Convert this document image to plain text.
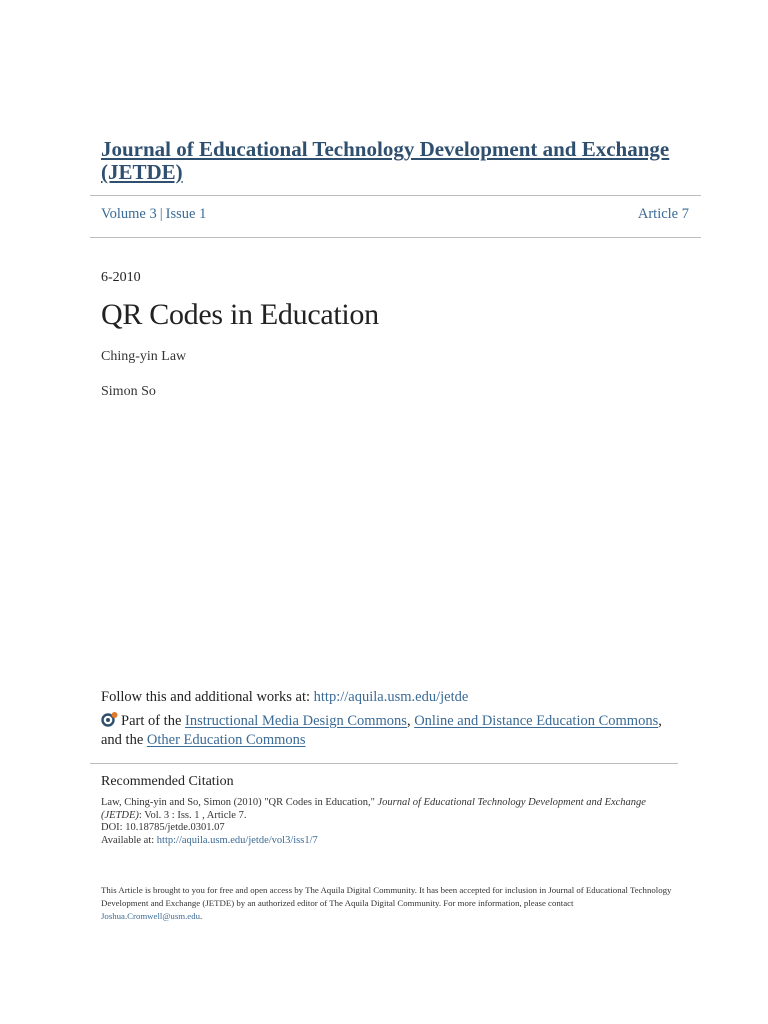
Journal of Educational Technology Development and Exchange (JETDE)
Volume 3 | Issue 1	Article 7
6-2010
QR Codes in Education
Ching-yin Law
Simon So
Follow this and additional works at: http://aquila.usm.edu/jetde
Part of the Instructional Media Design Commons, Online and Distance Education Commons,
and the Other Education Commons
Recommended Citation
Law, Ching-yin and So, Simon (2010) "QR Codes in Education," Journal of Educational Technology Development and Exchange
(JETDE): Vol. 3 : Iss. 1 , Article 7.
DOI: 10.18785/jetde.0301.07
Available at: http://aquila.usm.edu/jetde/vol3/iss1/7
This Article is brought to you for free and open access by The Aquila Digital Community. It has been accepted for inclusion in Journal of Educational Technology Development and Exchange (JETDE) by an authorized editor of The Aquila Digital Community. For more information, please contact
Joshua.Cromwell@usm.edu.
